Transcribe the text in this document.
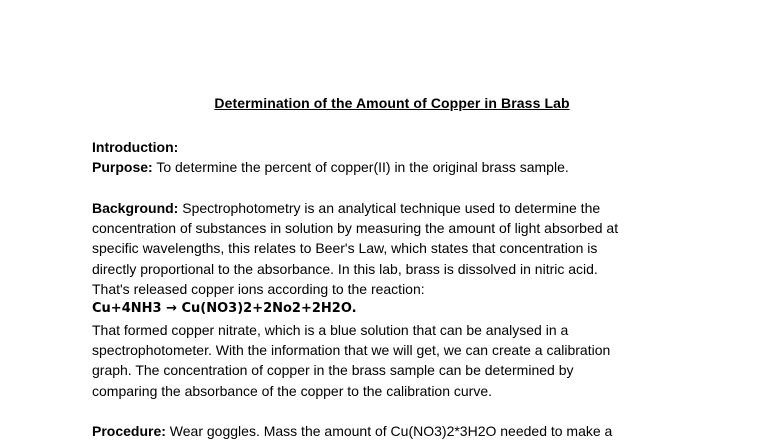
Determination of the Amount of Copper in Brass Lab

Introduction:

Purpose: To determine the percent of copper(II) in the original brass sample.

Background: Spectrophotometry is an analytical technique used to determine the

concentration of substances in solution by measuring the amount of light absorbed at

specific wavelengths, this relates to Beer's Law, which states that concentration is

directly proportional to the absorbance. In this lab, brass is dissolved in nitric acid.

That's released copper ions according to the reaction:

Cu+4NH3 → Cu(NO3)2+2No2+2H2O.

That formed copper nitrate, which is a blue solution that can be analysed in a

spectrophotometer. With the information that we will get, we can create a calibration

graph. The concentration of copper in the brass sample can be determined by

comparing the absorbance of the copper to the calibration curve.

Procedure: Wear goggles. Mass the amount of Cu(NO3)2*3H2O needed to make a
